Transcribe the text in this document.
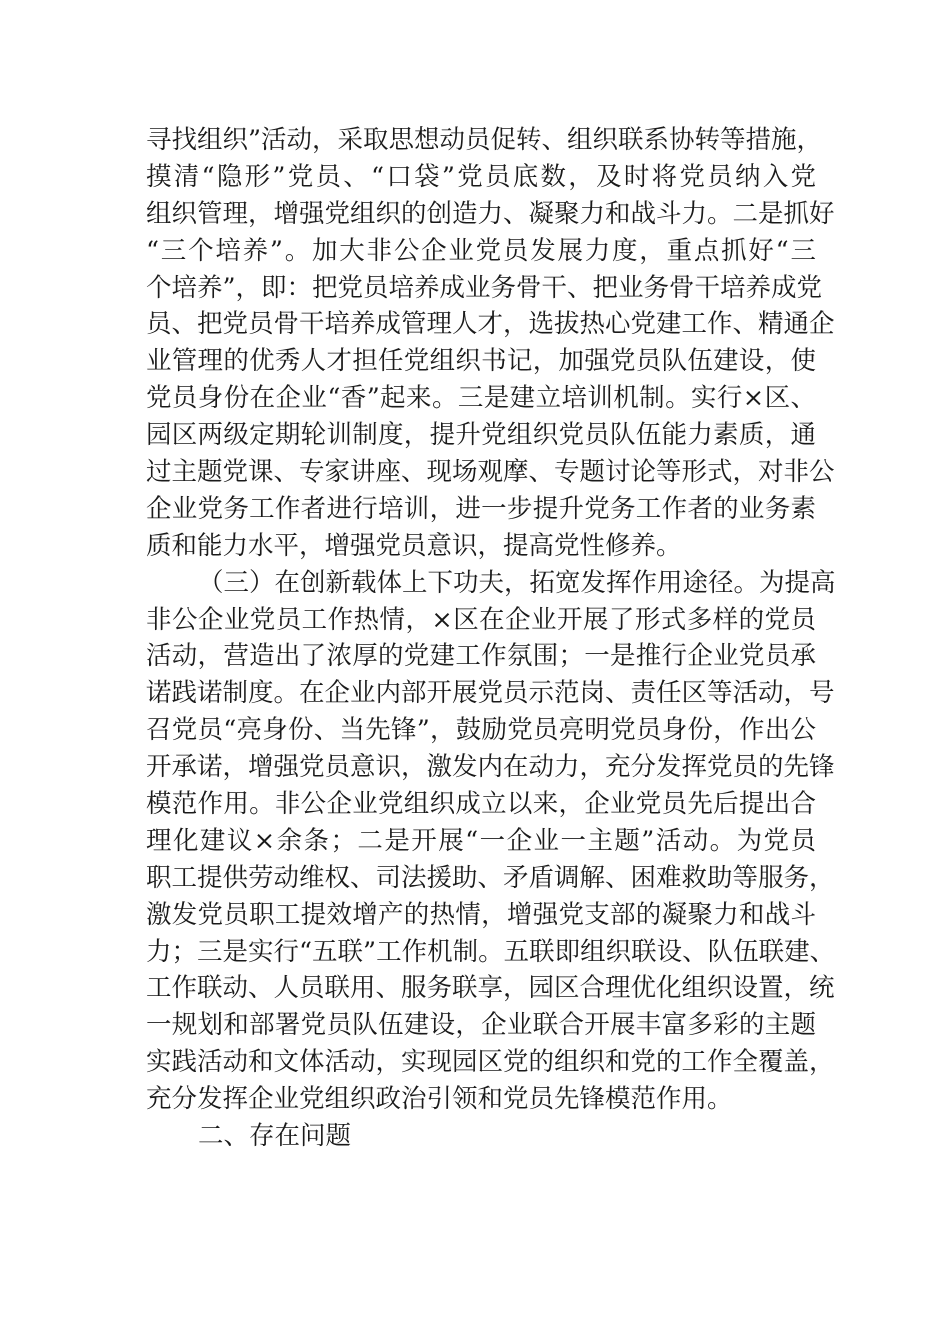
寻找组织”活动，采取思想动员促转、组织联系协转等措施，
摸清“隐形”党员、“口袋”党员底数，及时将党员纳入党
组织管理，增强党组织的创造力、凝聚力和战斗力。二是抓好
“三个培养”。加大非公企业党员发展力度，重点抓好“三
个培养”，即：把党员培养成业务骨干、把业务骨干培养成党
员、把党员骨干培养成管理人才，选拔热心党建工作、精通企
业管理的优秀人才担任党组织书记，加强党员队伍建设，使
党员身份在企业“香”起来。三是建立培训机制。实行×区、
园区两级定期轮训制度，提升党组织党员队伍能力素质，通
过主题党课、专家讲座、现场观摩、专题讨论等形式，对非公
企业党务工作者进行培训，进一步提升党务工作者的业务素
质和能力水平，增强党员意识，提高党性修养。
（三）在创新载体上下功夫，拓宽发挥作用途径。为提高
非公企业党员工作热情，×区在企业开展了形式多样的党员
活动，营造出了浓厚的党建工作氛围；一是推行企业党员承
诺践诺制度。在企业内部开展党员示范岗、责任区等活动，号
召党员“亮身份、当先锋”，鼓励党员亮明党员身份，作出公
开承诺，增强党员意识，激发内在动力，充分发挥党员的先锋
模范作用。非公企业党组织成立以来，企业党员先后提出合
理化建议×余条；二是开展“一企业一主题”活动。为党员
职工提供劳动维权、司法援助、矛盾调解、困难救助等服务，
激发党员职工提效增产的热情，增强党支部的凝聚力和战斗
力；三是实行“五联”工作机制。五联即组织联设、队伍联建、
工作联动、人员联用、服务联享，园区合理优化组织设置，统
一规划和部署党员队伍建设，企业联合开展丰富多彩的主题
实践活动和文体活动，实现园区党的组织和党的工作全覆盖，
充分发挥企业党组织政治引领和党员先锋模范作用。
二、存在问题
